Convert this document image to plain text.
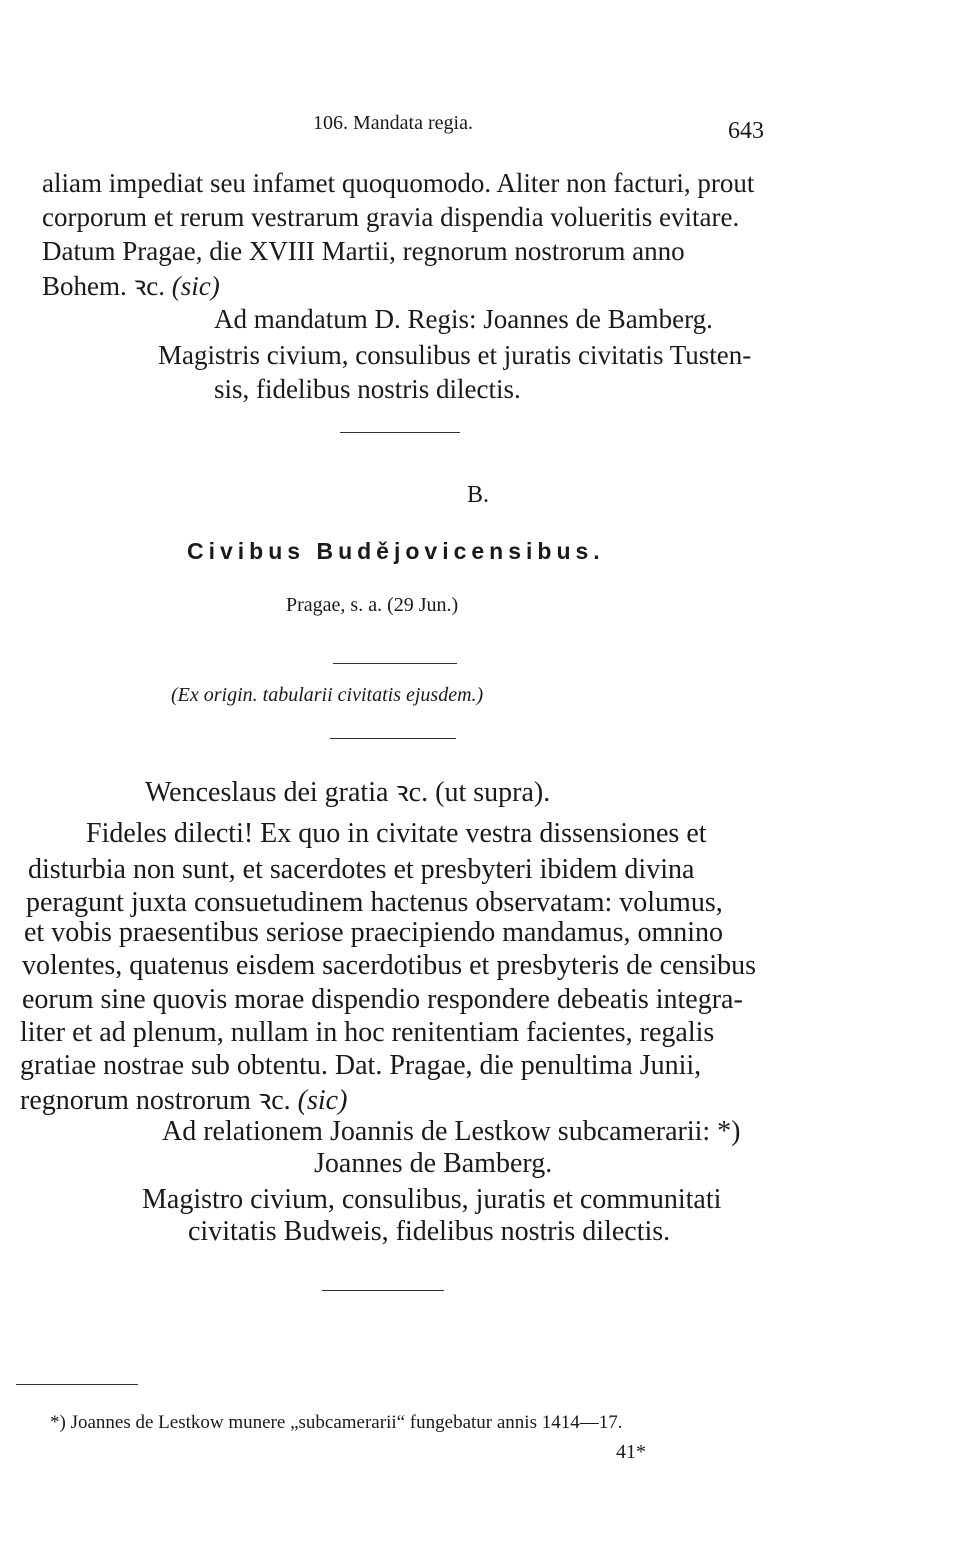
106. Mandata regia.	643
aliam impediat seu infamet quoquomodo. Aliter non facturi, prout
corporum et rerum vestrarum gravia dispendia volueritis evitare.
Datum Pragae, die XVIII Martii, regnorum nostrorum anno
Bohem. ꝛc. (sic)
Ad mandatum D. Regis: Joannes de Bamberg.
Magistris civium, consulibus et juratis civitatis Tusten-
sis, fidelibus nostris dilectis.
B.
Civibus Budějovicensibus.
Pragae, s. a. (29 Jun.)
(Ex origin. tabularii civitatis ejusdem.)
Wenceslaus dei gratia ꝛc. (ut supra).
Fideles dilecti! Ex quo in civitate vestra dissensiones et
disturbia non sunt, et sacerdotes et presbyteri ibidem divina
peragunt juxta consuetudinem hactenus observatam: volumus,
et vobis praesentibus seriose praecipiendo mandamus, omnino
volentes, quatenus eisdem sacerdotibus et presbyteris de censibus
eorum sine quovis morae dispendio respondere debeatis integra-
liter et ad plenum, nullam in hoc renitentiam facientes, regalis
gratiae nostrae sub obtentu. Dat. Pragae, die penultima Junii,
regnorum nostrorum ꝛc. (sic)
Ad relationem Joannis de Lestkow subcamerarii: *)
Joannes de Bamberg.
Magistro civium, consulibus, juratis et communitati
civitatis Budweis, fidelibus nostris dilectis.
*) Joannes de Lestkow munere „subcamerarii“ fungebatur annis 1414—17.
41*
